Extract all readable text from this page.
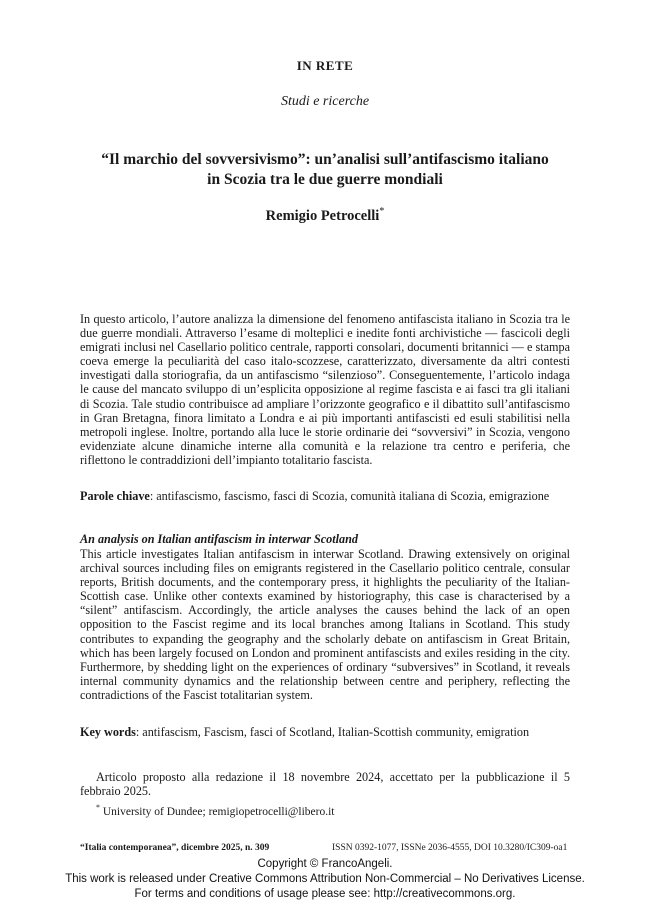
IN RETE
Studi e ricerche
“Il marchio del sovversivismo”: un’analisi sull’antifascismo italiano
in Scozia tra le due guerre mondiali
Remigio Petrocelli*
In questo articolo, l’autore analizza la dimensione del fenomeno antifascista italiano in Scozia tra le due guerre mondiali. Attraverso l’esame di molteplici e inedite fonti archivistiche — fascicoli degli emigrati inclusi nel Casellario politico centrale, rapporti consolari, documenti britannici — e stampa coeva emerge la peculiarità del caso italo-scozzese, caratterizzato, diversamente da altri contesti investigati dalla storiografia, da un antifascismo “silenzioso”. Conseguentemente, l’articolo indaga le cause del mancato sviluppo di un’esplicita opposizione al regime fascista e ai fasci tra gli italiani di Scozia. Tale studio contribuisce ad ampliare l’orizzonte geografico e il dibattito sull’antifascismo in Gran Bretagna, finora limitato a Londra e ai più importanti antifascisti ed esuli stabilitisi nella metropoli inglese. Inoltre, portando alla luce le storie ordinarie dei “sovversivi” in Scozia, vengono evidenziate alcune dinamiche interne alla comunità e la relazione tra centro e periferia, che riflettono le contraddizioni dell’impianto totalitario fascista.
Parole chiave: antifascismo, fascismo, fasci di Scozia, comunità italiana di Scozia, emigrazione
An analysis on Italian antifascism in interwar Scotland
This article investigates Italian antifascism in interwar Scotland. Drawing extensively on original archival sources including files on emigrants registered in the Casellario politico centrale, consular reports, British documents, and the contemporary press, it highlights the peculiarity of the Italian-Scottish case. Unlike other contexts examined by historiography, this case is characterised by a “silent” antifascism. Accordingly, the article analyses the causes behind the lack of an open opposition to the Fascist regime and its local branches among Italians in Scotland. This study contributes to expanding the geography and the scholarly debate on antifascism in Great Britain, which has been largely focused on London and prominent antifascists and exiles residing in the city. Furthermore, by shedding light on the experiences of ordinary “subversives” in Scotland, it reveals internal community dynamics and the relationship between centre and periphery, reflecting the contradictions of the Fascist totalitarian system.
Key words: antifascism, Fascism, fasci of Scotland, Italian-Scottish community, emigration
Articolo proposto alla redazione il 18 novembre 2024, accettato per la pubblicazione il 5 febbraio 2025.
* University of Dundee; remigiopetrocelli@libero.it
“Italia contemporanea”, dicembre 2025, n. 309	ISSN 0392-1077, ISSNe 2036-4555, DOI 10.3280/IC309-oa1
Copyright © FrancoAngeli.
This work is released under Creative Commons Attribution Non-Commercial – No Derivatives License.
For terms and conditions of usage please see: http://creativecommons.org.
